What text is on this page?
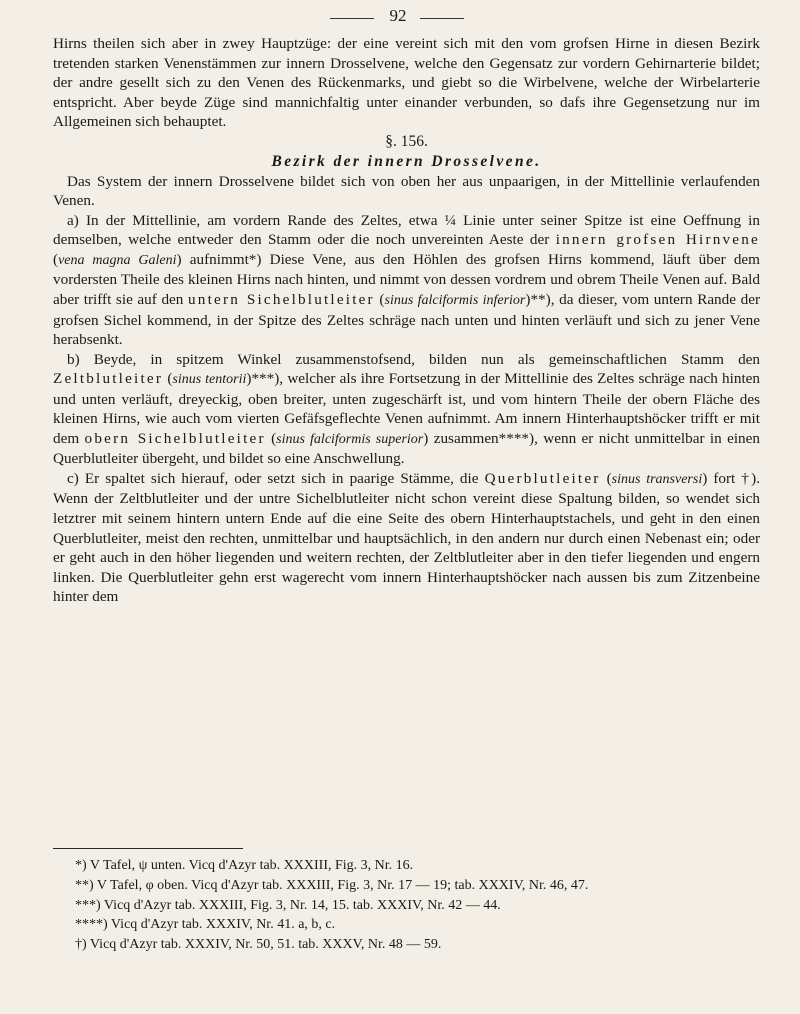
92

Hirns theilen sich aber in zwey Hauptzüge: der eine vereint sich mit den vom grofsen Hirne in diesen Bezirk tretenden starken Venenstämmen zur innern Drosselvene, welche den Gegensatz zur vordern Gehirnarterie bildet; der andre gesellt sich zu den Venen des Rückenmarks, und giebt so die Wirbelvene, welche der Wirbelarterie entspricht. Aber beyde Züge sind mannichfaltig unter einander verbunden, so dafs ihre Gegensetzung nur im Allgemeinen sich behauptet.

§. 156.

Bezirk der innern Drosselvene.

Das System der innern Drosselvene bildet sich von oben her aus unpaarigen, in der Mittellinie verlaufenden Venen.

a) In der Mittellinie, am vordern Rande des Zeltes, etwa ¼ Linie unter seiner Spitze ist eine Oeffnung in demselben, welche entweder den Stamm oder die noch unvereinten Aeste der innern grofsen Hirnvene (vena magna Galeni) aufnimmt*) Diese Vene, aus den Höhlen des grofsen Hirns kommend, läuft über dem vordersten Theile des kleinen Hirns nach hinten, und nimmt von dessen vordrem und obrem Theile Venen auf. Bald aber trifft sie auf den untern Sichelblutleiter (sinus falciformis inferior)**), da dieser, vom untern Rande der grofsen Sichel kommend, in der Spitze des Zeltes schräge nach unten und hinten verläuft und sich zu jener Vene herabsenkt.

b) Beyde, in spitzem Winkel zusammenstofsend, bilden nun als gemeinschaftlichen Stamm den Zeltblutleiter (sinus tentorii)***), welcher als ihre Fortsetzung in der Mittellinie des Zeltes schräge nach hinten und unten verläuft, dreyeckig, oben breiter, unten zugeschärft ist, und vom hintern Theile der obern Fläche des kleinen Hirns, wie auch vom vierten Gefäfsgeflechte Venen aufnimmt. Am innern Hinterhauptshöcker trifft er mit dem obern Sichelblutleiter (sinus falciformis superior) zusammen****), wenn er nicht unmittelbar in einen Querblutleiter übergeht, und bildet so eine Anschwellung.

c) Er spaltet sich hierauf, oder setzt sich in paarige Stämme, die Querblutleiter (sinus transversi) fort †). Wenn der Zeltblutleiter und der untre Sichelblutleiter nicht schon vereint diese Spaltung bilden, so wendet sich letztrer mit seinem hintern untern Ende auf die eine Seite des obern Hinterhauptstachels, und geht in den einen Querblutleiter, meist den rechten, unmittelbar und hauptsächlich, in den andern nur durch einen Nebenast ein; oder er geht auch in den höher liegenden und weitern rechten, der Zeltblutleiter aber in den tiefer liegenden und engern linken. Die Querblutleiter gehn erst wagerecht vom innern Hinterhauptshöcker nach aussen bis zum Zitzenbeine hinter dem

*) V Tafel, ψ unten. Vicq d'Azyr tab. XXXIII, Fig. 3, Nr. 16.

**) V Tafel, φ oben. Vicq d'Azyr tab. XXXIII, Fig. 3, Nr. 17 — 19; tab. XXXIV, Nr. 46, 47.

***) Vicq d'Azyr tab. XXXIII, Fig. 3, Nr. 14, 15. tab. XXXIV, Nr. 42 — 44.

****) Vicq d'Azyr tab. XXXIV, Nr. 41. a, b, c.

†) Vicq d'Azyr tab. XXXIV, Nr. 50, 51. tab. XXXV, Nr. 48 — 59.
